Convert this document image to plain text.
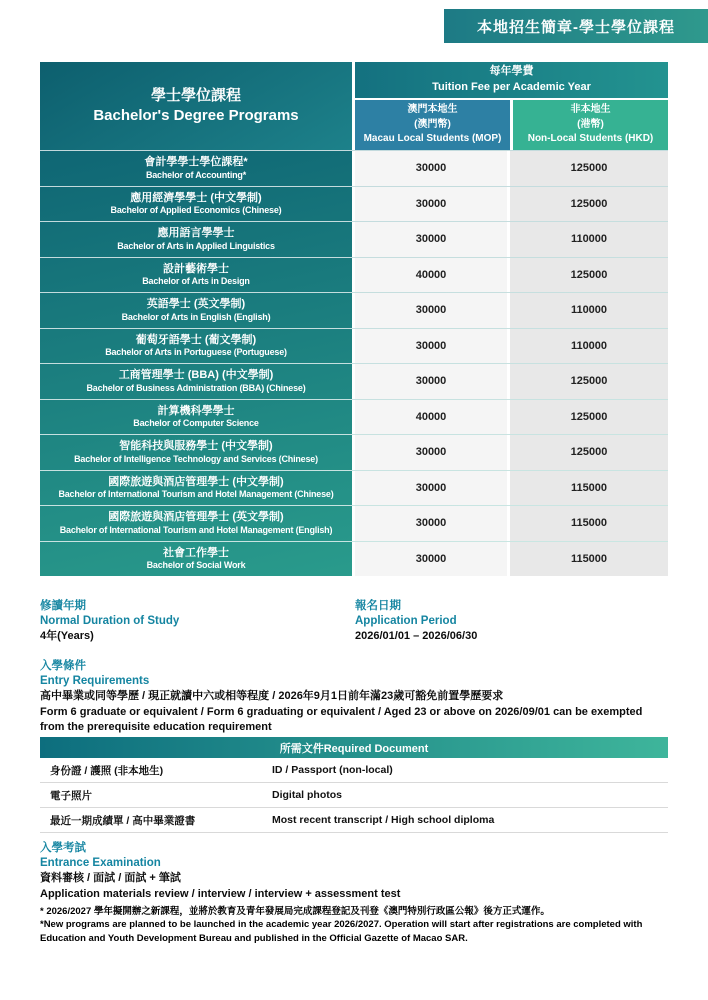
本地招生簡章-學士學位課程
學士學位課程
Bachelor's Degree Programs
每年學費
Tuition Fee per Academic Year
澳門本地生
(澳門幣)
Macau Local Students (MOP)
非本地生
(港幣)
Non-Local Students (HKD)
會計學學士學位課程*
Bachelor of Accounting*
30000	125000
應用經濟學學士 (中文學制)
Bachelor of Applied Economics (Chinese)
30000	125000
應用語言學學士
Bachelor of Arts in Applied Linguistics
30000	110000
設計藝術學士
Bachelor of Arts in Design
40000	125000
英語學士 (英文學制)
Bachelor of Arts in English (English)
30000	110000
葡萄牙語學士 (葡文學制)
Bachelor of Arts in Portuguese (Portuguese)
30000	110000
工商管理學士 (BBA) (中文學制)
Bachelor of Business Administration (BBA) (Chinese)
30000	125000
計算機科學學士
Bachelor of Computer Science
40000	125000
智能科技與服務學士 (中文學制)
Bachelor of Intelligence Technology and Services (Chinese)
30000	125000
國際旅遊與酒店管理學士 (中文學制)
Bachelor of International Tourism and Hotel Management (Chinese)
30000	115000
國際旅遊與酒店管理學士 (英文學制)
Bachelor of International Tourism and Hotel Management (English)
30000	115000
社會工作學士
Bachelor of Social Work
30000	115000
修讀年期
Normal Duration of Study
4年(Years)
報名日期
Application Period
2026/01/01 – 2026/06/30
入學條件
Entry Requirements
高中畢業或同等學歷 / 現正就讀中六或相等程度 / 2026年9月1日前年滿23歲可豁免前置學歷要求
Form 6 graduate or equivalent / Form 6 graduating or equivalent / Aged 23 or above on 2026/09/01 can be exempted from the prerequisite education requirement
所需文件Required Document
身份證 / 護照 (非本地生)	ID / Passport (non-local)
電子照片	Digital photos
最近一期成績單 / 高中畢業證書	Most recent transcript / High school diploma
入學考試
Entrance Examination
資料審核 / 面試 / 面試 + 筆試
Application materials review / interview / interview + assessment test
* 2026/2027 學年擬開辦之新課程，並將於教育及青年發展局完成課程登記及刊登《澳門特別行政區公報》後方正式運作。
*New programs are planned to be launched in the academic year 2026/2027. Operation will start after registrations are completed with Education and Youth Development Bureau and published in the Official Gazette of Macao SAR.
